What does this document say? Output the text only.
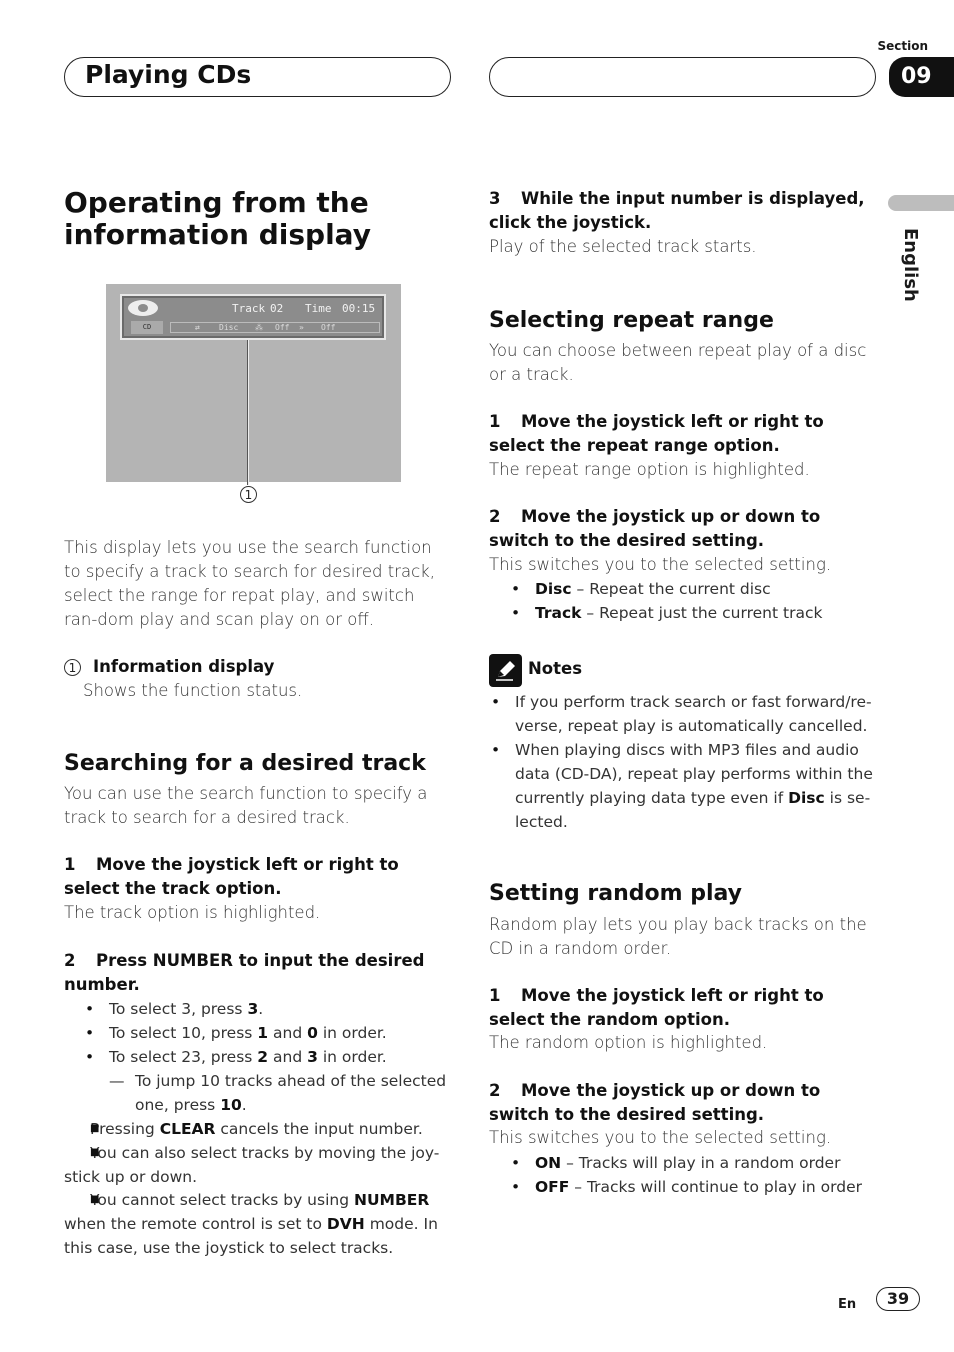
Playing CDs
Section
09
English
Operating from the information display
Track 02 Time 00:15
CD	⇄ Disc ⁂ Off » Off
1
This display lets you use the search function to specify a track to search for desired track, select the range for repat play, and switch ran-dom play and scan play on or off.
1 Information display
Shows the function status.
Searching for a desired track
You can use the search function to specify a track to search for a desired track.
1 Move the joystick left or right to select the track option.
The track option is highlighted.
2 Press NUMBER to input the desired number.
• To select 3, press 3.
• To select 10, press 1 and 0 in order.
• To select 23, press 2 and 3 in order.
— To jump 10 tracks ahead of the selected one, press 10.
■ Pressing CLEAR cancels the input number.
■ You can also select tracks by moving the joy-stick up or down.
■ You cannot select tracks by using NUMBER when the remote control is set to DVH mode. In this case, use the joystick to select tracks.
3 While the input number is displayed, click the joystick.
Play of the selected track starts.
Selecting repeat range
You can choose between repeat play of a disc or a track.
1 Move the joystick left or right to select the repeat range option.
The repeat range option is highlighted.
2 Move the joystick up or down to switch to the desired setting.
This switches you to the selected setting.
• Disc – Repeat the current disc
• Track – Repeat just the current track
Notes
• If you perform track search or fast forward/re-verse, repeat play is automatically cancelled.
• When playing discs with MP3 files and audio data (CD-DA), repeat play performs within the currently playing data type even if Disc is se-lected.
Setting random play
Random play lets you play back tracks on the CD in a random order.
1 Move the joystick left or right to select the random option.
The random option is highlighted.
2 Move the joystick up or down to switch to the desired setting.
This switches you to the selected setting.
• ON – Tracks will play in a random order
• OFF – Tracks will continue to play in order
En	39
